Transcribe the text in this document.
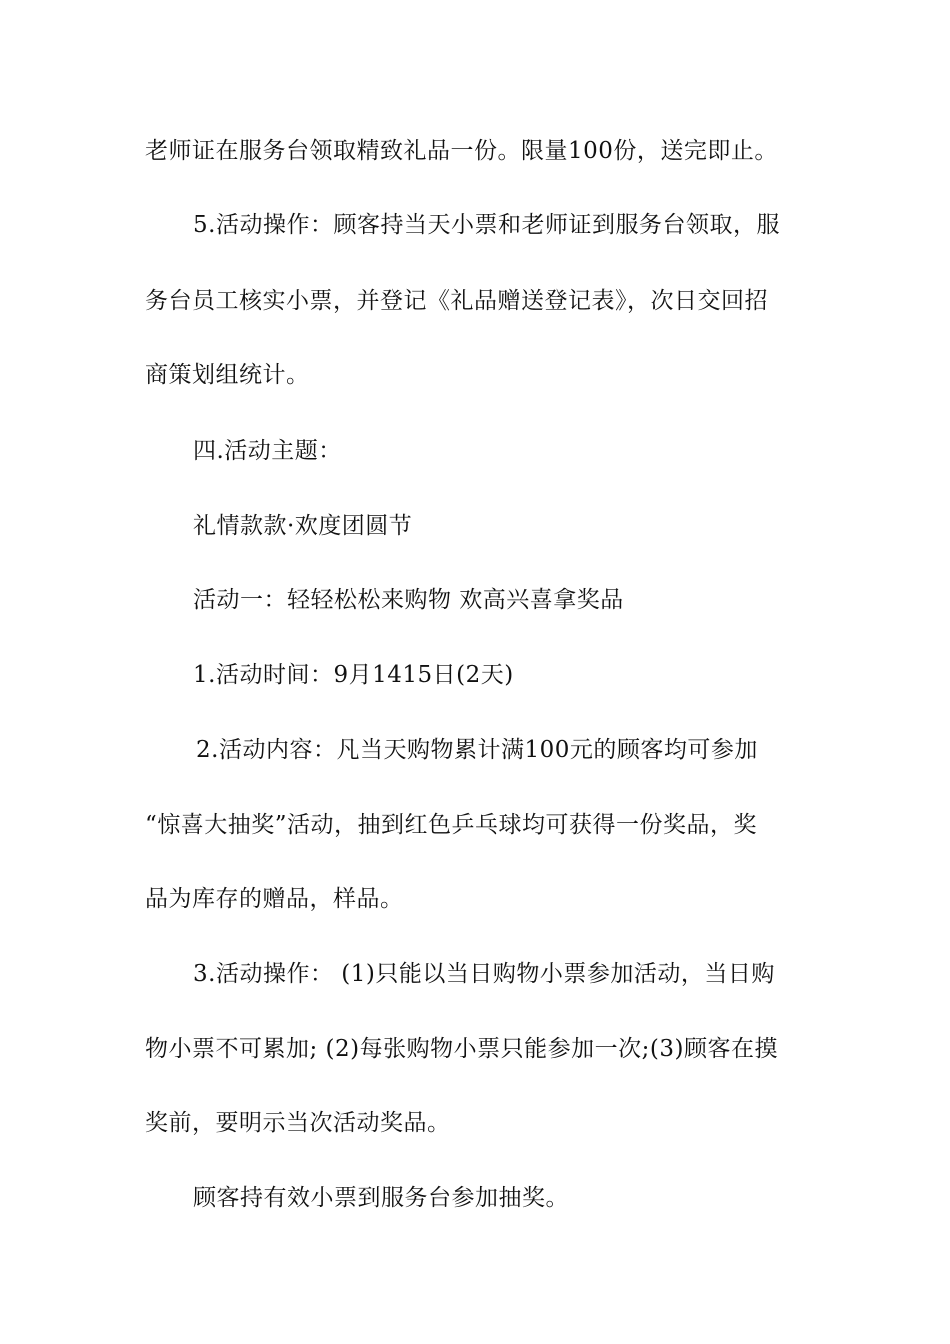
老师证在服务台领取精致礼品一份。限量100份，送完即止。
5.活动操作：顾客持当天小票和老师证到服务台领取，服
务台员工核实小票，并登记《礼品赠送登记表》，次日交回招
商策划组统计。
四.活动主题：
礼情款款·欢度团圆节
活动一：轻轻松松来购物 欢高兴喜拿奖品
1.活动时间：9月1415日(2天)
2.活动内容：凡当天购物累计满100元的顾客均可参加
“惊喜大抽奖”活动，抽到红色乒乓球均可获得一份奖品，奖
品为库存的赠品，样品。
3.活动操作： (1)只能以当日购物小票参加活动，当日购
物小票不可累加; (2)每张购物小票只能参加一次;(3)顾客在摸
奖前，要明示当次活动奖品。
顾客持有效小票到服务台参加抽奖。
